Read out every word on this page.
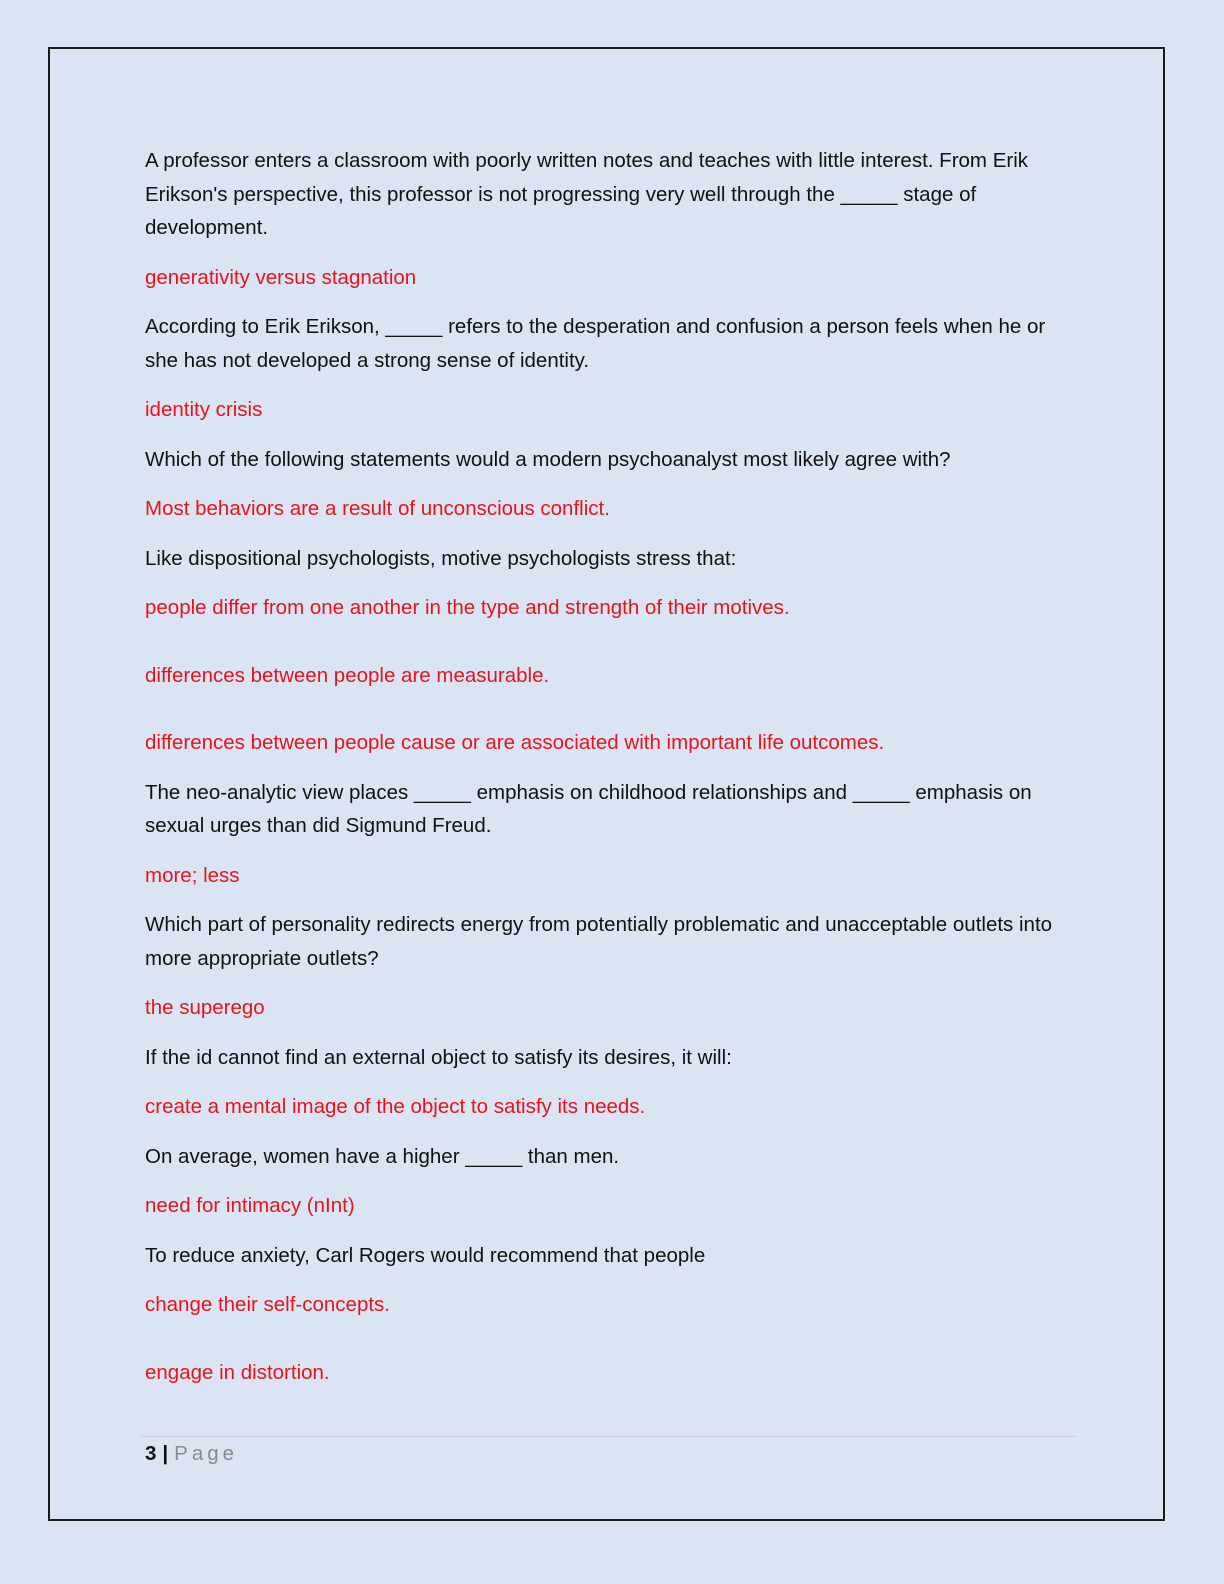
A professor enters a classroom with poorly written notes and teaches with little interest. From Erik Erikson's perspective, this professor is not progressing very well through the _____ stage of development.

generativity versus stagnation

According to Erik Erikson, _____ refers to the desperation and confusion a person feels when he or she has not developed a strong sense of identity.

identity crisis

Which of the following statements would a modern psychoanalyst most likely agree with?

Most behaviors are a result of unconscious conflict.

Like dispositional psychologists, motive psychologists stress that:

people differ from one another in the type and strength of their motives.

differences between people are measurable.

differences between people cause or are associated with important life outcomes.

The neo-analytic view places _____ emphasis on childhood relationships and _____ emphasis on sexual urges than did Sigmund Freud.

more; less

Which part of personality redirects energy from potentially problematic and unacceptable outlets into more appropriate outlets?

the superego

If the id cannot find an external object to satisfy its desires, it will:

create a mental image of the object to satisfy its needs.

On average, women have a higher _____ than men.

need for intimacy (nInt)

To reduce anxiety, Carl Rogers would recommend that people

change their self-concepts.

engage in distortion.

3 | Page
